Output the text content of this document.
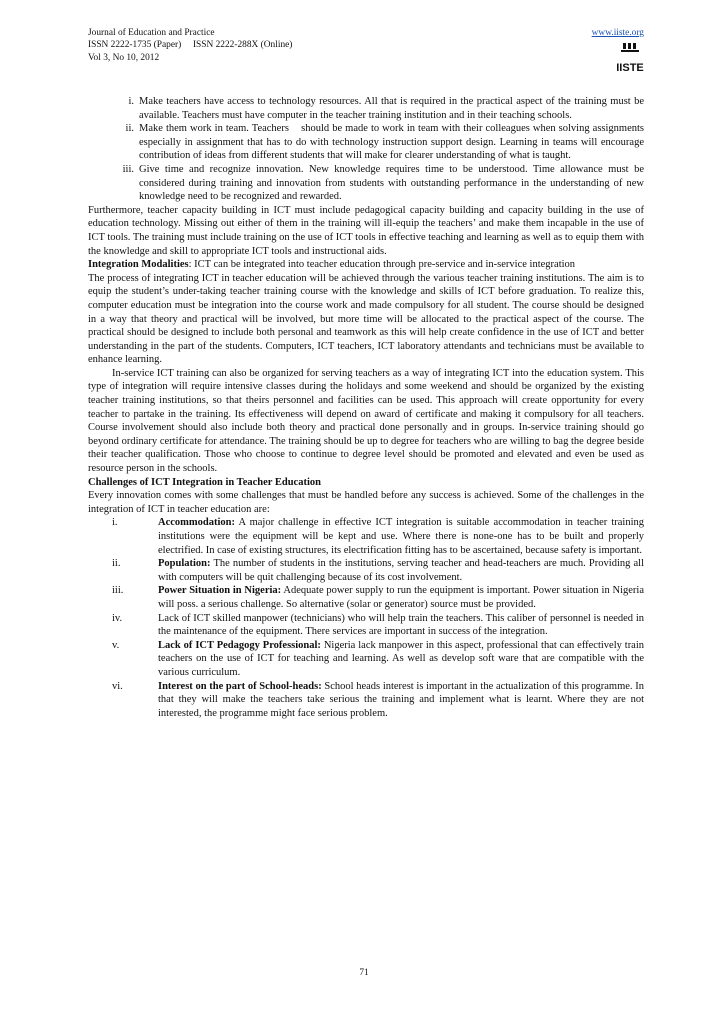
Journal of Education and Practice
ISSN 2222-1735 (Paper)     ISSN 2222-288X (Online)
Vol 3, No 10, 2012
www.iiste.org
IISTE
i. Make teachers have access to technology resources. All that is required in the practical aspect of the training must be available. Teachers must have computer in the teacher training institution and in their teaching schools.
ii. Make them work in team. Teachers    should be made to work in team with their colleagues when solving assignments especially in assignment that has to do with technology instruction support design. Learning in teams will encourage contribution of ideas from different students that will make for clearer understanding of what is taught.
iii. Give time and recognize innovation. New knowledge requires time to be understood. Time allowance must be considered during training and innovation from students with outstanding performance in the understanding of new knowledge need to be recognized and rewarded.

Furthermore, teacher capacity building in ICT must include pedagogical capacity building and capacity building in the use of education technology. Missing out either of them in the training will ill-equip the teachers’ and make them incapable in the use of ICT tools. The training must include training on the use of ICT tools in effective teaching and learning as well as to equip them with the knowledge and skill to appropriate ICT tools and instructional aids.

Integration Modalities: ICT can be integrated into teacher education through pre-service and in-service integration

The process of integrating ICT in teacher education will be achieved through the various teacher training institutions. The aim is to equip the student’s under-taking teacher training course with the knowledge and skills of ICT before graduation. To realize this, computer education must be integration into the course work and made compulsory for all student. The course should be designed in a way that theory and practical will be involved, but more time will be allocated to the practical aspect of the course. The practical should be designed to include both personal and teamwork as this will help create confidence in the use of ICT and better understanding in the part of the students. Computers, ICT teachers, ICT laboratory attendants and technicians must be available to enhance learning.

In-service ICT training can also be organized for serving teachers as a way of integrating ICT into the education system. This type of integration will require intensive classes during the holidays and some weekend and should be organized by the existing teacher training institutions, so that theirs personnel and facilities can be used. This approach will create opportunity for every teacher to partake in the training. Its effectiveness will depend on award of certificate and making it compulsory for all teachers. Course involvement should also include both theory and practical done personally and in groups. In-service training should go beyond ordinary certificate for attendance. The training should be up to degree for teachers who are willing to bag the degree beside their teacher qualification. Those who choose to continue to degree level should be promoted and elevated and even be used as resource person in the schools.

Challenges of ICT Integration in Teacher Education

Every innovation comes with some challenges that must be handled before any success is achieved. Some of the challenges in the integration of ICT in teacher education are:

i.	Accommodation: A major challenge in effective ICT integration is suitable accommodation in teacher training institutions were the equipment will be kept and use. Where there is none-one has to be built and properly electrified. In case of existing structures, its electrification fitting has to be ascertained, because safety is important.
ii.	Population: The number of students in the institutions, serving teacher and head-teachers are much. Providing all with computers will be quit challenging because of its cost involvement.
iii.	Power Situation in Nigeria: Adequate power supply to run the equipment is important. Power situation in Nigeria will poss. a serious challenge. So alternative (solar or generator) source must be provided.
iv.	Lack of ICT skilled manpower (technicians) who will help train the teachers. This caliber of personnel is needed in the maintenance of the equipment. There services are important in success of the integration.
v.	Lack of ICT Pedagogy Professional: Nigeria lack manpower in this aspect, professional that can effectively train teachers on the use of ICT for teaching and learning. As well as develop soft ware that are compatible with the various curriculum.
vi.	Interest on the part of School-heads: School heads interest is important in the actualization of this programme. In that they will make the teachers take serious the training and implement what is learnt. Where they are not interested, the programme might face serious problem.
71
